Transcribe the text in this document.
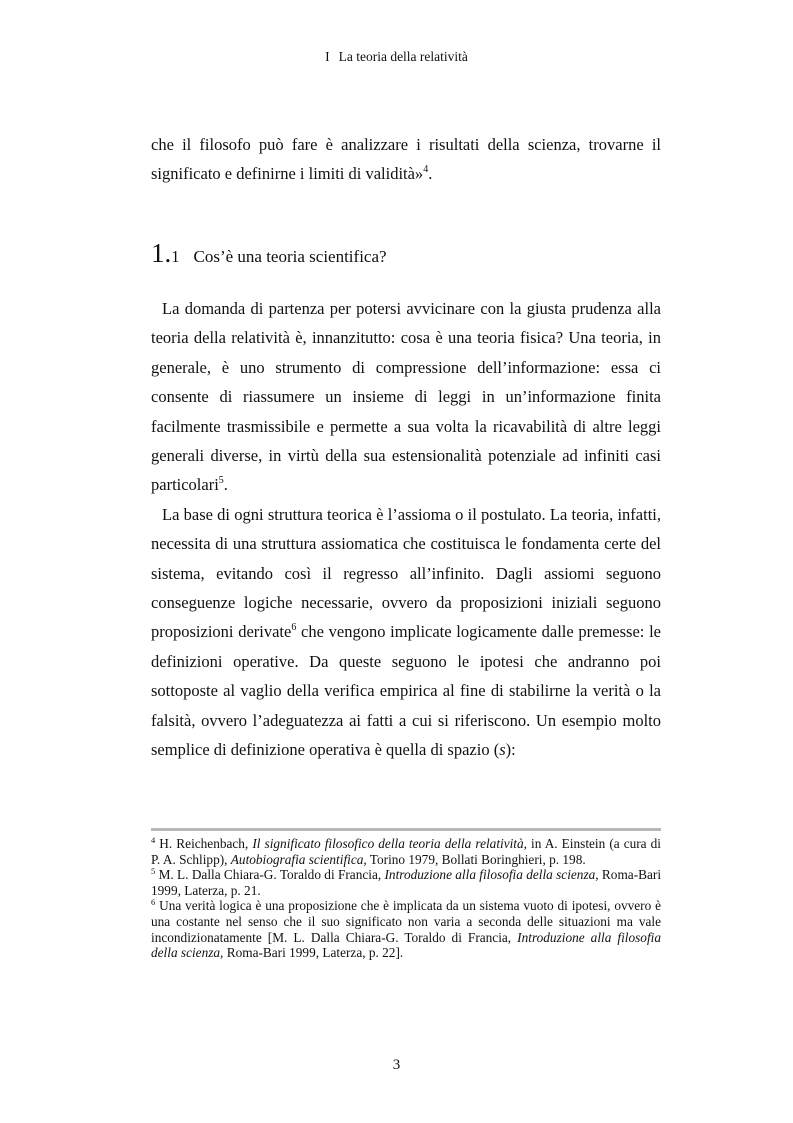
I La teoria della relatività

che il filosofo può fare è analizzare i risultati della scienza, trovarne il significato e definirne i limiti di validità»$^4$.

1.1 Cos’è una teoria scientifica?

La domanda di partenza per potersi avvicinare con la giusta prudenza alla teoria della relatività è, innanzitutto: cosa è una teoria fisica? Una teoria, in generale, è uno strumento di compressione dell’informazione: essa ci consente di riassumere un insieme di leggi in un’informazione finita facilmente trasmissibile e permette a sua volta la ricavabilità di altre leggi generali diverse, in virtù della sua estensionalità potenziale ad infiniti casi particolari$^5$.

La base di ogni struttura teorica è l’assioma o il postulato. La teoria, infatti, necessita di una struttura assiomatica che costituisca le fondamenta certe del sistema, evitando così il regresso all’infinito. Dagli assiomi seguono conseguenze logiche necessarie, ovvero da proposizioni iniziali seguono proposizioni derivate$^6$ che vengono implicate logicamente dalle premesse: le definizioni operative. Da queste seguono le ipotesi che andranno poi sottoposte al vaglio della verifica empirica al fine di stabilirne la verità o la falsità, ovvero l’adeguatezza ai fatti a cui si riferiscono. Un esempio molto semplice di definizione operativa è quella di spazio (s):

$^4$ H. Reichenbach, Il significato filosofico della teoria della relatività, in A. Einstein (a cura di P. A. Schlipp), Autobiografia scientifica, Torino 1979, Bollati Boringhieri, p. 198.

$^5$ M. L. Dalla Chiara-G. Toraldo di Francia, Introduzione alla filosofia della scienza, Roma-Bari 1999, Laterza, p. 21.

$^6$ Una verità logica è una proposizione che è implicata da un sistema vuoto di ipotesi, ovvero è una costante nel senso che il suo significato non varia a seconda delle situazioni ma vale incondizionatamente [M. L. Dalla Chiara-G. Toraldo di Francia, Introduzione alla filosofia della scienza, Roma-Bari 1999, Laterza, p. 22].

3
